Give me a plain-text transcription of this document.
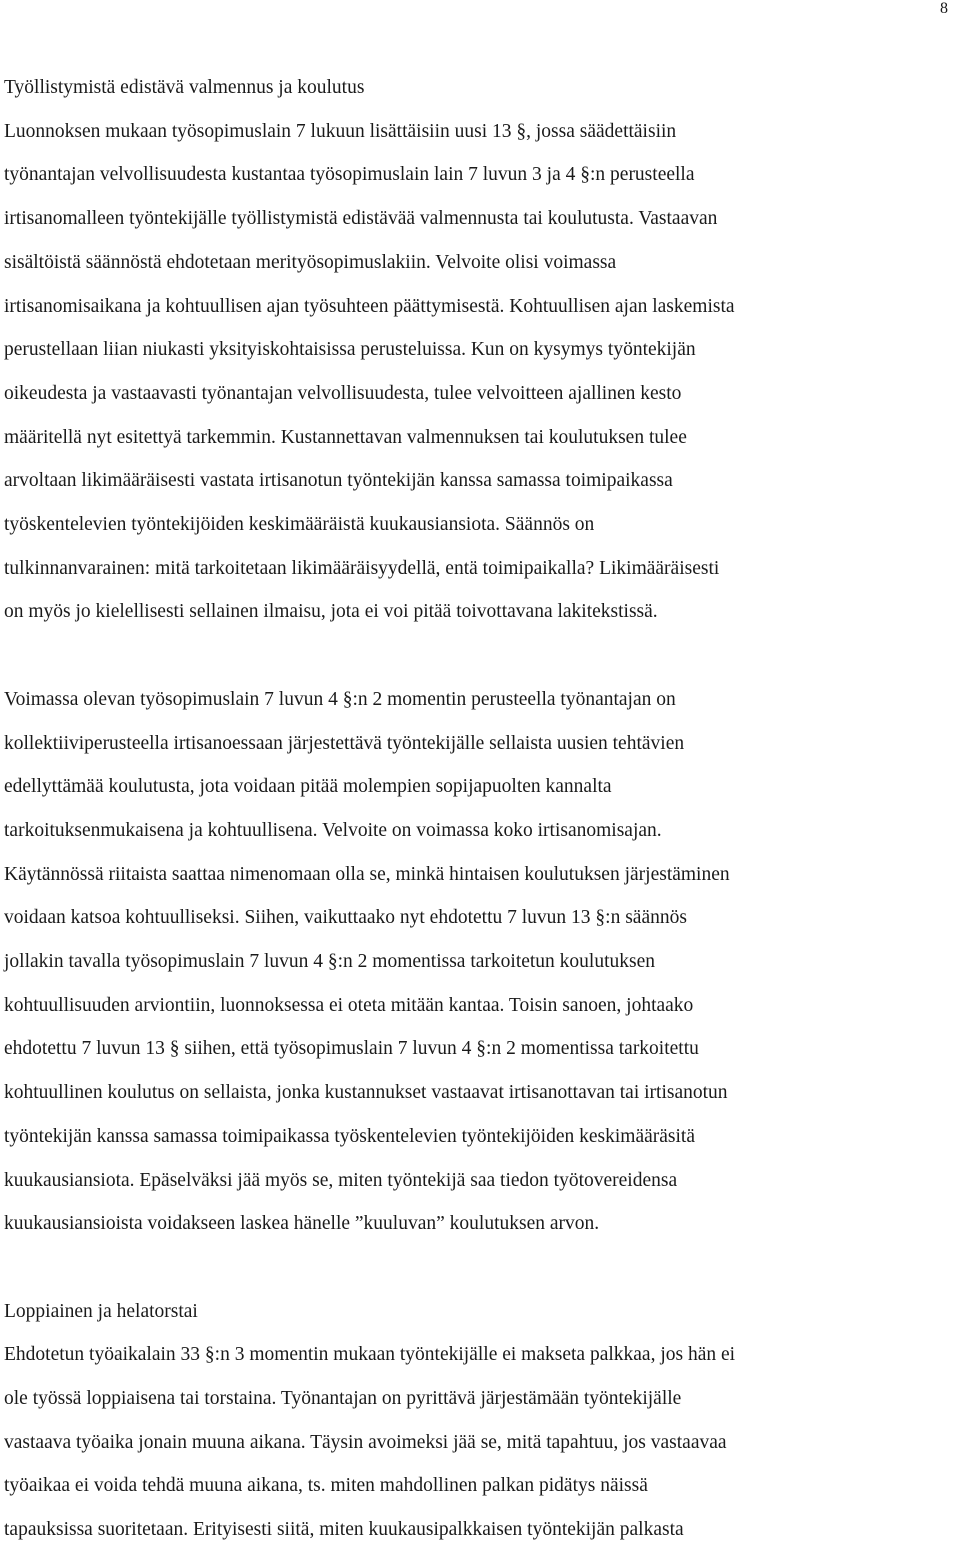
8

Työllistymistä edistävä valmennus ja koulutus

Luonnoksen mukaan työsopimuslain 7 lukuun lisättäisiin uusi 13 §, jossa säädettäisiin

työnantajan velvollisuudesta kustantaa työsopimuslain lain 7 luvun 3 ja 4 §:n perusteella

irtisanomalleen työntekijälle työllistymistä edistävää valmennusta tai koulutusta. Vastaavan

sisältöistä säännöstä ehdotetaan merityösopimuslakiin. Velvoite olisi voimassa

irtisanomisaikana ja kohtuullisen ajan työsuhteen päättymisestä. Kohtuullisen ajan laskemista

perustellaan liian niukasti yksityiskohtaisissa perusteluissa. Kun on kysymys työntekijän

oikeudesta ja vastaavasti työnantajan velvollisuudesta, tulee velvoitteen ajallinen kesto

määritellä nyt esitettyä tarkemmin. Kustannettavan valmennuksen tai koulutuksen tulee

arvoltaan likimääräisesti vastata irtisanotun työntekijän kanssa samassa toimipaikassa

työskentelevien työntekijöiden keskimääräistä kuukausiansiota. Säännös on

tulkinnanvarainen: mitä tarkoitetaan likimääräisyydellä, entä toimipaikalla? Likimääräisesti

on myös jo kielellisesti sellainen ilmaisu, jota ei voi pitää toivottavana lakitekstissä.

Voimassa olevan työsopimuslain 7 luvun 4 §:n 2 momentin perusteella työnantajan on

kollektiiviperusteella irtisanoessaan järjestettävä työntekijälle sellaista uusien tehtävien

edellyttämää koulutusta, jota voidaan pitää molempien sopijapuolten kannalta

tarkoituksenmukaisena ja kohtuullisena. Velvoite on voimassa koko irtisanomisajan.

Käytännössä riitaista saattaa nimenomaan olla se, minkä hintaisen koulutuksen järjestäminen

voidaan katsoa kohtuulliseksi. Siihen, vaikuttaako nyt ehdotettu 7 luvun 13 §:n säännös

jollakin tavalla työsopimuslain 7 luvun 4 §:n 2 momentissa tarkoitetun koulutuksen

kohtuullisuuden arviontiin, luonnoksessa ei oteta mitään kantaa. Toisin sanoen, johtaako

ehdotettu 7 luvun 13 § siihen, että työsopimuslain 7 luvun 4 §:n 2 momentissa tarkoitettu

kohtuullinen koulutus on sellaista, jonka kustannukset vastaavat irtisanottavan tai irtisanotun

työntekijän kanssa samassa toimipaikassa työskentelevien työntekijöiden keskimääräsitä

kuukausiansiota. Epäselväksi jää myös se, miten työntekijä saa tiedon työtovereidensa

kuukausiansioista voidakseen laskea hänelle ”kuuluvan” koulutuksen arvon.

Loppiainen ja helatorstai

Ehdotetun työaikalain 33 §:n 3 momentin mukaan työntekijälle ei makseta palkkaa, jos hän ei

ole työssä loppiaisena tai torstaina. Työnantajan on pyrittävä järjestämään työntekijälle

vastaava työaika jonain muuna aikana. Täysin avoimeksi jää se, mitä tapahtuu, jos vastaavaa

työaikaa ei voida tehdä muuna aikana, ts. miten mahdollinen palkan pidätys näissä

tapauksissa suoritetaan. Erityisesti siitä, miten kuukausipalkkaisen työntekijän palkasta
